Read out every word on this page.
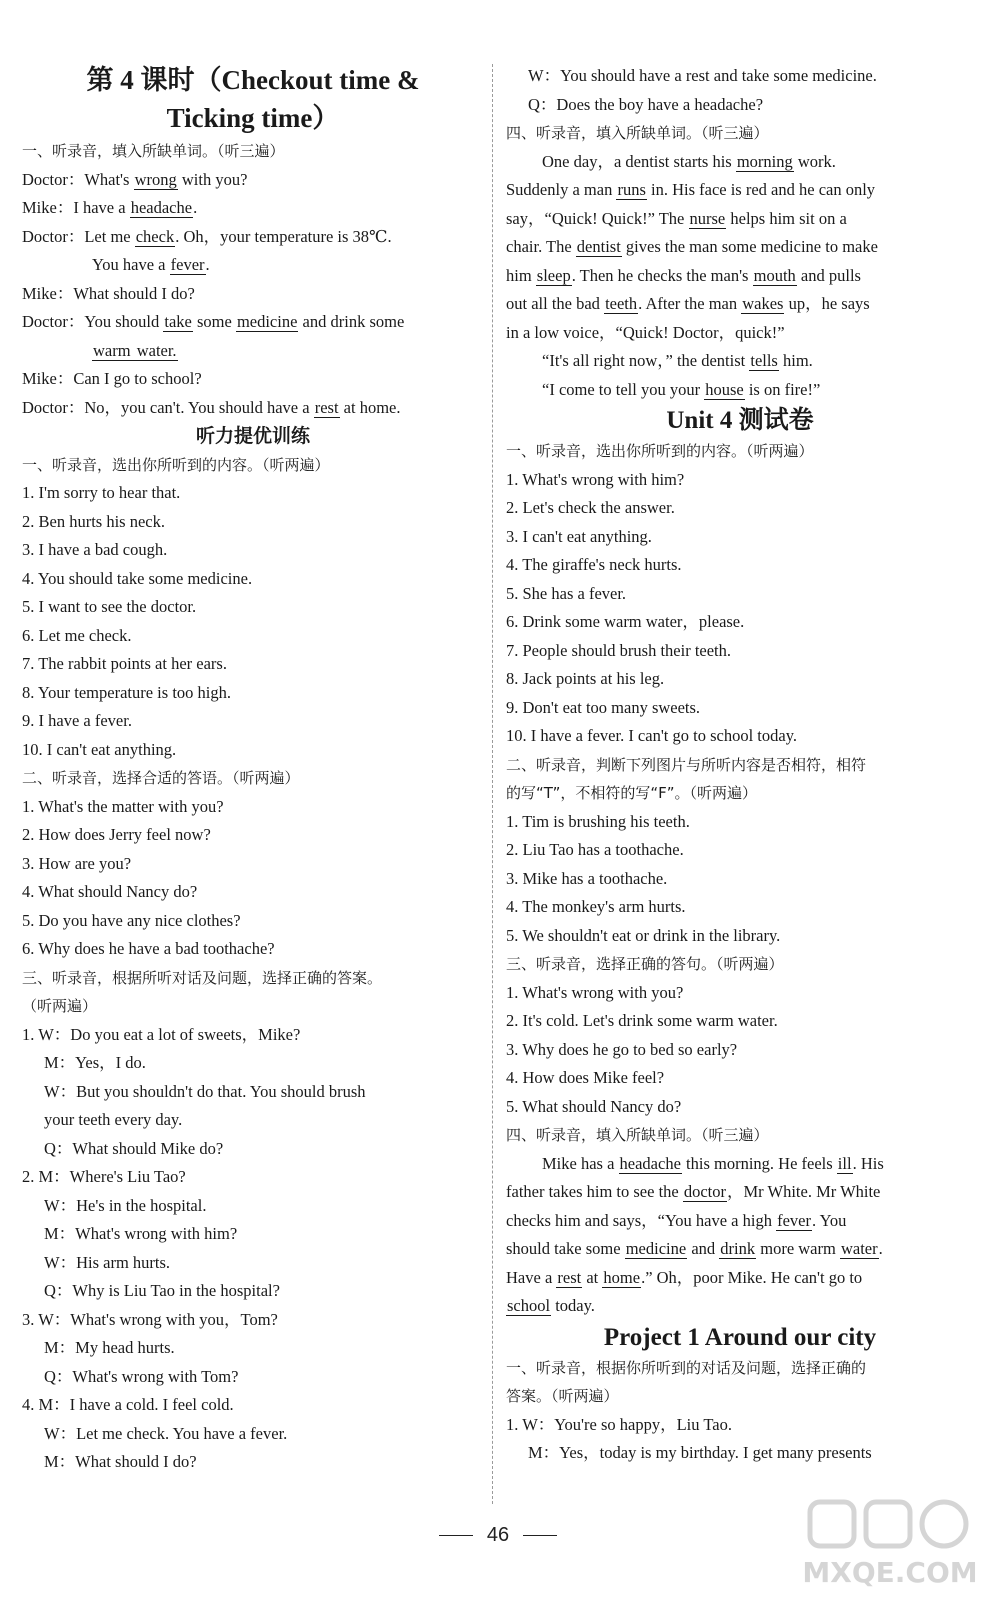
第 4 课时（Checkout time &
Ticking time）
一、听录音，填入所缺单词。（听三遍）
Doctor：What's wrong with you?
Mike：I have a headache.
Doctor：Let me check. Oh，your temperature is 38℃.
You have a fever.
Mike：What should I do?
Doctor：You should take some medicine and drink some
warm water.
Mike：Can I go to school?
Doctor：No，you can't. You should have a rest at home.
听力提优训练
一、听录音，选出你所听到的内容。（听两遍）
1. I'm sorry to hear that.
2. Ben hurts his neck.
3. I have a bad cough.
4. You should take some medicine.
5. I want to see the doctor.
6. Let me check.
7. The rabbit points at her ears.
8. Your temperature is too high.
9. I have a fever.
10. I can't eat anything.
二、听录音，选择合适的答语。（听两遍）
1. What's the matter with you?
2. How does Jerry feel now?
3. How are you?
4. What should Nancy do?
5. Do you have any nice clothes?
6. Why does he have a bad toothache?
三、听录音，根据所听对话及问题，选择正确的答案。
（听两遍）
1. W：Do you eat a lot of sweets，Mike?
M：Yes，I do.
W：But you shouldn't do that. You should brush
your teeth every day.
Q：What should Mike do?
2. M：Where's Liu Tao?
W：He's in the hospital.
M：What's wrong with him?
W：His arm hurts.
Q：Why is Liu Tao in the hospital?
3. W：What's wrong with you，Tom?
M：My head hurts.
Q：What's wrong with Tom?
4. M：I have a cold. I feel cold.
W：Let me check. You have a fever.
M：What should I do?
W：You should have a rest and take some medicine.
Q：Does the boy have a headache?
四、听录音，填入所缺单词。（听三遍）
One day，a dentist starts his morning work.
Suddenly a man runs in. His face is red and he can only
say，“Quick! Quick!” The nurse helps him sit on a
chair. The dentist gives the man some medicine to make
him sleep. Then he checks the man's mouth and pulls
out all the bad teeth. After the man wakes up，he says
in a low voice，“Quick! Doctor，quick!”
“It's all right now，” the dentist tells him.
“I come to tell you your house is on fire!”
Unit 4 测试卷
一、听录音，选出你所听到的内容。（听两遍）
1. What's wrong with him?
2. Let's check the answer.
3. I can't eat anything.
4. The giraffe's neck hurts.
5. She has a fever.
6. Drink some warm water，please.
7. People should brush their teeth.
8. Jack points at his leg.
9. Don't eat too many sweets.
10. I have a fever. I can't go to school today.
二、听录音，判断下列图片与所听内容是否相符，相符
的写“T”，不相符的写“F”。（听两遍）
1. Tim is brushing his teeth.
2. Liu Tao has a toothache.
3. Mike has a toothache.
4. The monkey's arm hurts.
5. We shouldn't eat or drink in the library.
三、听录音，选择正确的答句。（听两遍）
1. What's wrong with you?
2. It's cold. Let's drink some warm water.
3. Why does he go to bed so early?
4. How does Mike feel?
5. What should Nancy do?
四、听录音，填入所缺单词。（听三遍）
Mike has a headache this morning. He feels ill. His
father takes him to see the doctor，Mr White. Mr White
checks him and says，“You have a high fever. You
should take some medicine and drink more warm water.
Have a rest at home.” Oh，poor Mike. He can't go to
school today.
Project 1 Around our city
一、听录音，根据你所听到的对话及问题，选择正确的
答案。（听两遍）
1. W：You're so happy，Liu Tao.
M：Yes，today is my birthday. I get many presents
46
MXQE.COM
